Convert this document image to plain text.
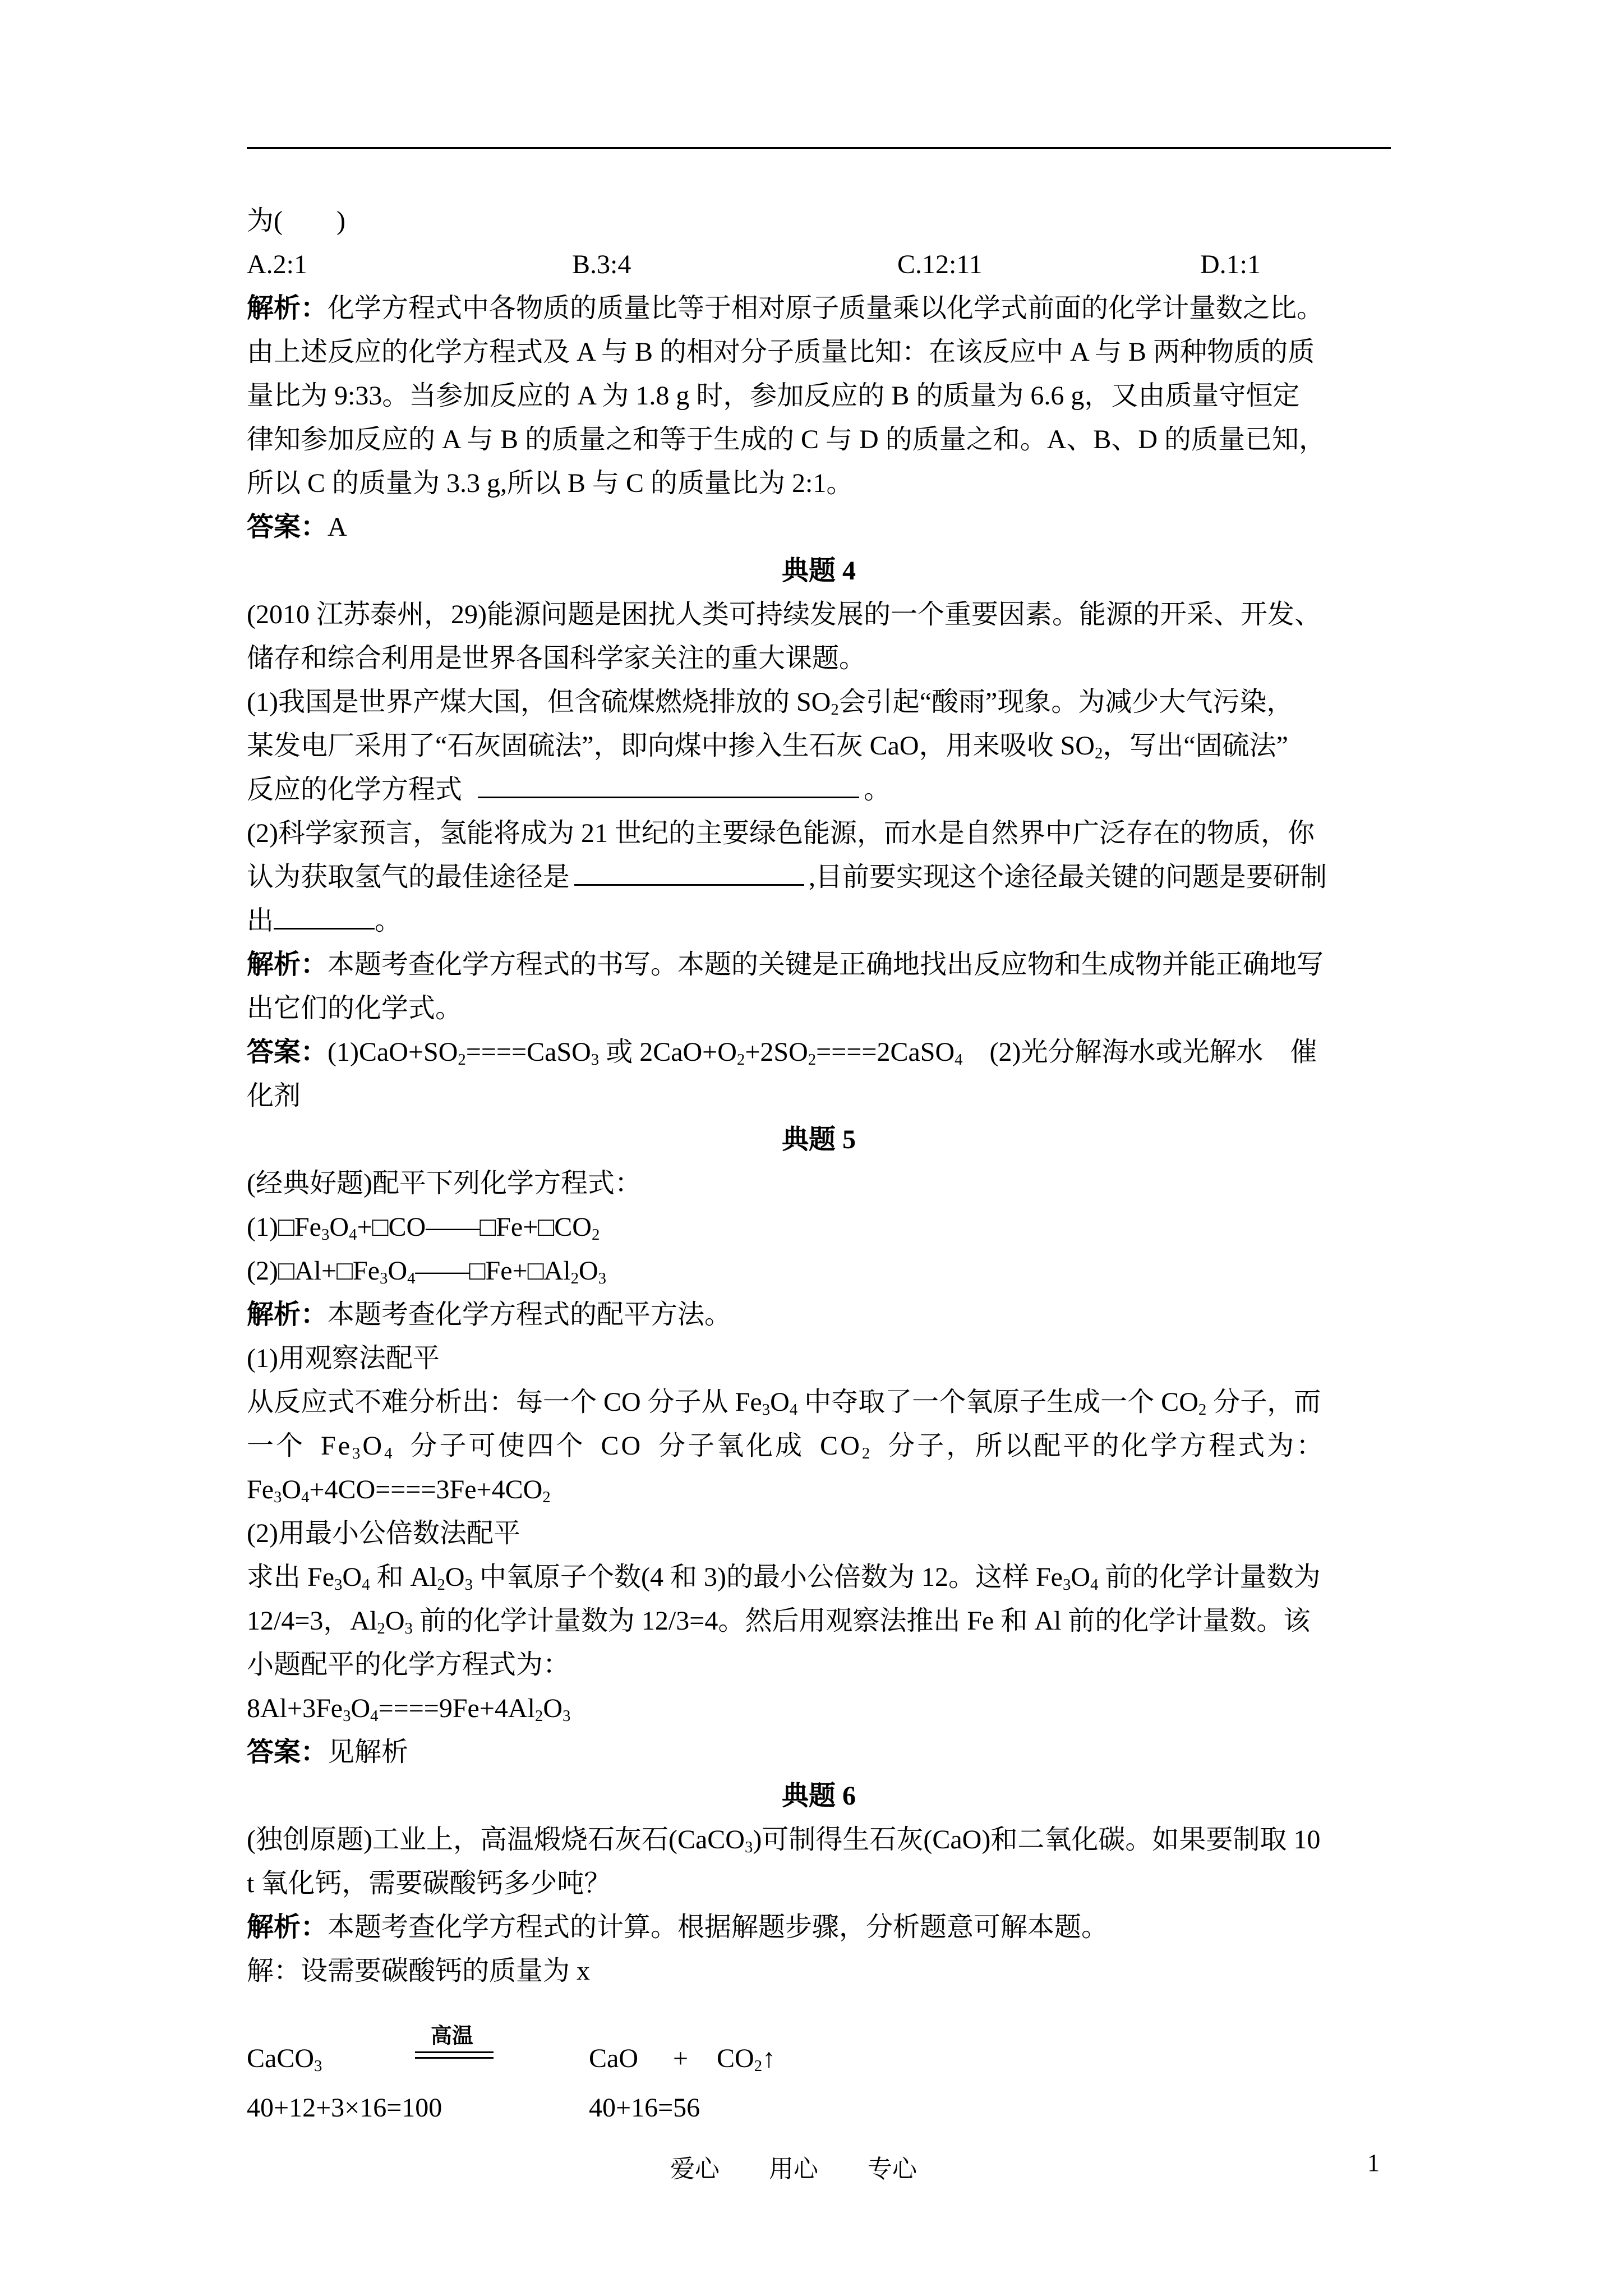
为(　　)
A.2:1	B.3:4	C.12:11	D.1:1
解析：化学方程式中各物质的质量比等于相对原子质量乘以化学式前面的化学计量数之比。
由上述反应的化学方程式及 A 与 B 的相对分子质量比知：在该反应中 A 与 B 两种物质的质
量比为 9:33。当参加反应的 A 为 1.8 g 时，参加反应的 B 的质量为 6.6 g，又由质量守恒定
律知参加反应的 A 与 B 的质量之和等于生成的 C 与 D 的质量之和。A、B、D 的质量已知，
所以 C 的质量为 3.3 g,所以 B 与 C 的质量比为 2:1。
答案：A
典题 4
(2010 江苏泰州，29)能源问题是困扰人类可持续发展的一个重要因素。能源的开采、开发、
储存和综合利用是世界各国科学家关注的重大课题。
(1)我国是世界产煤大国，但含硫煤燃烧排放的 $SO_2$会引起“酸雨”现象。为减少大气污染，
某发电厂采用了“石灰固硫法”，即向煤中掺入生石灰 CaO，用来吸收 $SO_2$，写出“固硫法”
反应的化学方程式	。
(2)科学家预言，氢能将成为 21 世纪的主要绿色能源，而水是自然界中广泛存在的物质，你
认为获取氢气的最佳途径是	,目前要实现这个途径最关键的问题是要研制
出	。
解析：本题考查化学方程式的书写。本题的关键是正确地找出反应物和生成物并能正确地写
出它们的化学式。
答案：$(1)CaO+SO_2====CaSO_3$ 或 $2CaO+O_2+2SO_2====2CaSO_4$　(2)光分解海水或光解水　催
化剂
典题 5
(经典好题)配平下列化学方程式：
$(1)□Fe_3O_4+□CO——□Fe+□CO_2$
$(2)□Al+□Fe_3O_4——□Fe+□Al_2O_3$
解析：本题考查化学方程式的配平方法。
(1)用观察法配平
从反应式不难分析出：每一个 CO 分子从 $Fe_3O_4$ 中夺取了一个氧原子生成一个 $CO_2$ 分子，而
一个 $Fe_3O_4$ 分子可使四个 CO 分子氧化成 $CO_2$ 分子，所以配平的化学方程式为：
$Fe_3O_4+4CO====3Fe+4CO_2$
(2)用最小公倍数法配平
求出 $Fe_3O_4$ 和 $Al_2O_3$ 中氧原子个数(4 和 3)的最小公倍数为 12。这样 $Fe_3O_4$ 前的化学计量数为
12/4=3，$Al_2O_3$ 前的化学计量数为 12/3=4。然后用观察法推出 Fe 和 Al 前的化学计量数。该
小题配平的化学方程式为：
$8Al+3Fe_3O_4====9Fe+4Al_2O_3$
答案：见解析
典题 6
(独创原题)工业上，高温煅烧石灰石(CaCO$_3$)可制得生石灰(CaO)和二氧化碳。如果要制取 10
t 氧化钙，需要碳酸钙多少吨？
解析：本题考查化学方程式的计算。根据解题步骤，分析题意可解本题。
解：设需要碳酸钙的质量为 x
CaCO$_3$
高温
CaO + $CO_2↑$
40+12+3×16=100	40+16=56
爱心　　用心　　专心	1
